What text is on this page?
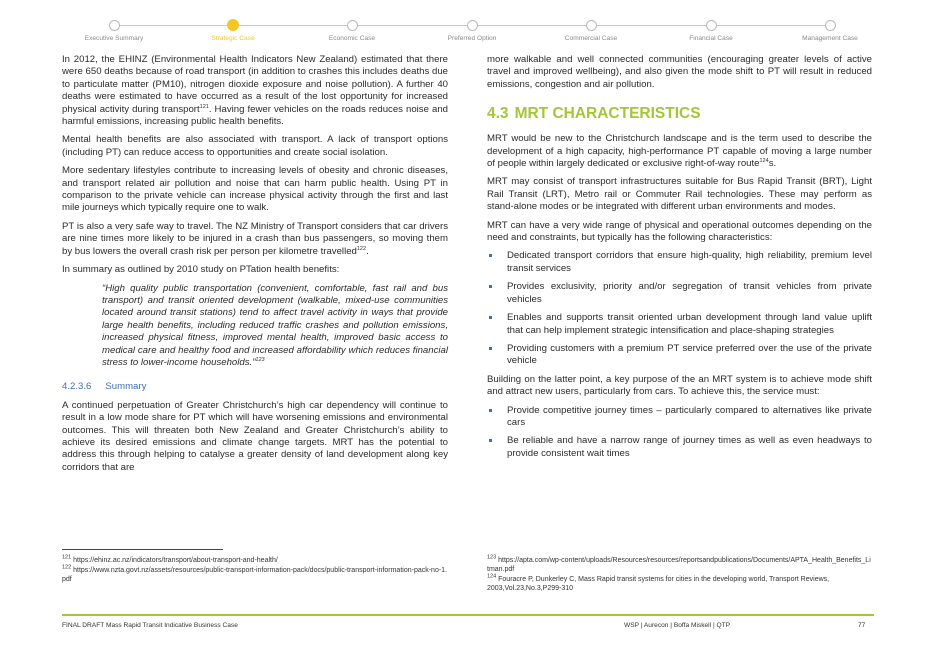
Executive Summary	Strategic Case	Economic Case	Preferred Option	Commercial Case	Financial Case	Management Case

In 2012, the EHINZ (Environmental Health Indicators New Zealand) estimated that there were 650 deaths because of road transport (in addition to crashes this includes deaths due to particulate matter (PM10), nitrogen dioxide exposure and noise pollution). A further 40 deaths were estimated to have occurred as a result of the lost opportunity for increased physical activity during transport$^{121}$. Having fewer vehicles on the roads reduces noise and harmful emissions, increasing public health benefits.

Mental health benefits are also associated with transport. A lack of transport options (including PT) can reduce access to opportunities and create social isolation.

More sedentary lifestyles contribute to increasing levels of obesity and chronic diseases, and transport related air pollution and noise that can harm public health. Using PT in comparison to the private vehicle can increase physical activity through the first and last mile journeys which typically require one to walk.

PT is also a very safe way to travel. The NZ Ministry of Transport considers that car drivers are nine times more likely to be injured in a crash than bus passengers, so moving them by bus lowers the overall crash risk per person per kilometre travelled$^{122}$.

In summary as outlined by 2010 study on PTation health benefits:

“High quality public transportation (convenient, comfortable, fast rail and bus transport) and transit oriented development (walkable, mixed-use communities located around transit stations) tend to affect travel activity in ways that provide large health benefits, including reduced traffic crashes and pollution emissions, increased physical fitness, improved mental health, improved basic access to medical care and healthy food and increased affordability which reduces financial stress to lower-income households.”$^{123}$
4.2.3.6 Summary

A continued perpetuation of Greater Christchurch’s high car dependency will continue to result in a low mode share for PT which will have worsening emissions and environmental outcomes. This will threaten both New Zealand and Greater Christchurch’s ability to achieve its desired emissions and climate change targets. MRT has the potential to address this through helping to catalyse a greater density of land development along key corridors that are

more walkable and well connected communities (encouraging greater levels of active travel and improved wellbeing), and also given the mode shift to PT will result in reduced emissions, congestion and air pollution.

4.3 MRT CHARACTERISTICS

MRT would be new to the Christchurch landscape and is the term used to describe the development of a high capacity, high-performance PT capable of moving a large number of people within largely dedicated or exclusive right-of-way route$^{124}$s.

MRT may consist of transport infrastructures suitable for Bus Rapid Transit (BRT), Light Rail Transit (LRT), Metro rail or Commuter Rail technologies. These may perform as stand-alone modes or be integrated with different urban environments and modes.

MRT can have a very wide range of physical and operational outcomes depending on the need and constraints, but typically has the following characteristics:

Dedicated transport corridors that ensure high-quality, high reliability, premium level transit services
Provides exclusivity, priority and/or segregation of transit vehicles from private vehicles
Enables and supports transit oriented urban development through land value uplift that can help implement strategic intensification and place-shaping strategies
Providing customers with a premium PT service preferred over the use of the private vehicle

Building on the latter point, a key purpose of the an MRT system is to achieve mode shift and attract new users, particularly from cars. To achieve this, the service must:

Provide competitive journey times – particularly compared to alternatives like private cars
Be reliable and have a narrow range of journey times as well as even headways to provide consistent wait times
$^{121}$ https://ehinz.ac.nz/indicators/transport/about-transport-and-health/
$^{122}$ https://www.nzta.govt.nz/assets/resources/public-transport-information-pack/docs/public-transport-information-pack-no-1.pdf
$^{123}$ https://apta.com/wp-content/uploads/Resources/resources/reportsandpublications/Documents/APTA_Health_Benefits_Litman.pdf
$^{124}$ Fouracre P, Dunkerley C, Mass Rapid transit systems for cities in the developing world, Transport Reviews, 2003,Vol.23,No.3,P299-310
FINAL DRAFT Mass Rapid Transit Indicative Business Case	WSP | Aurecon | Boffa Miskell | QTP	77
